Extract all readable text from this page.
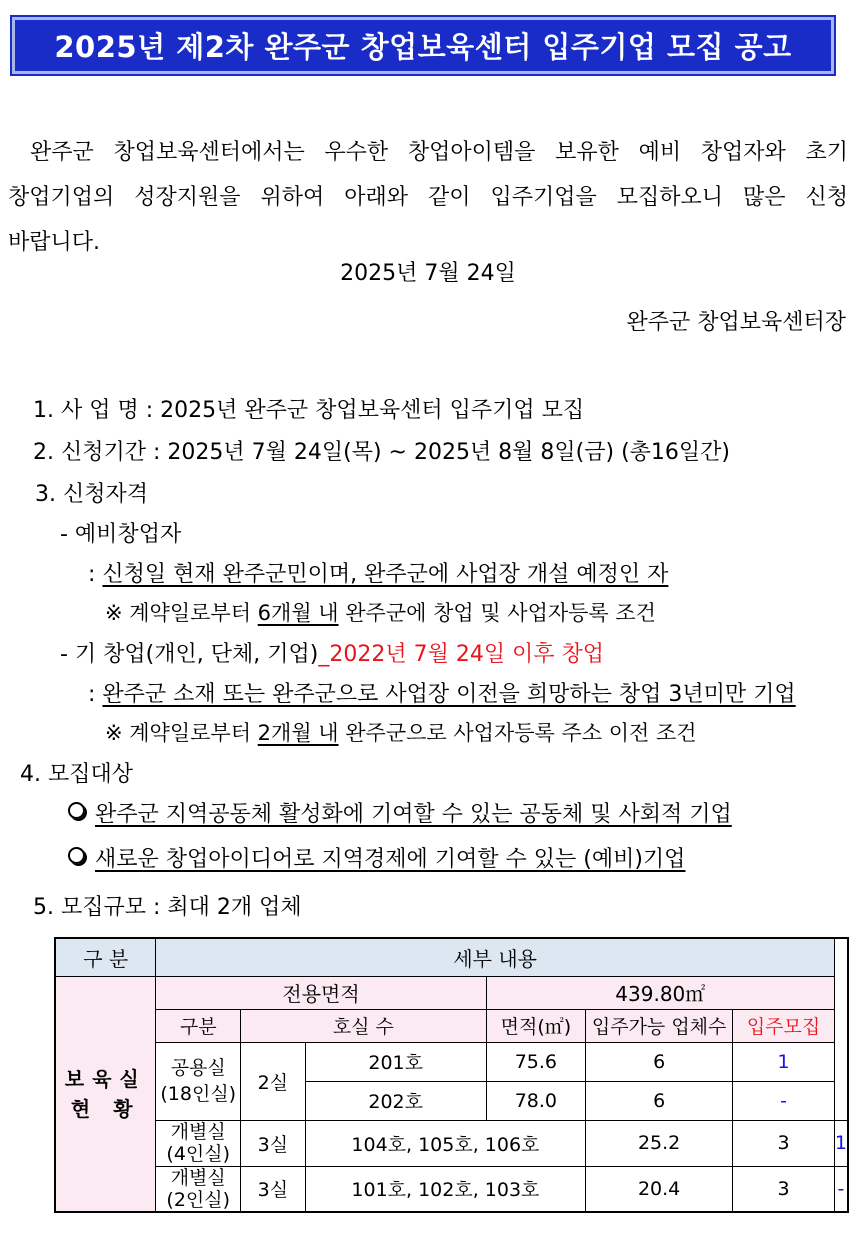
2025년 제2차 완주군 창업보육센터 입주기업 모집 공고
완주군 창업보육센터에서는 우수한 창업아이템을 보유한 예비 창업자와 초기
창업기업의 성장지원을 위하여 아래와 같이 입주기업을 모집하오니 많은 신청
바랍니다.
2025년 7월 24일
완주군 창업보육센터장
1. 사 업 명 : 2025년 완주군 창업보육센터 입주기업 모집
2. 신청기간 : 2025년 7월 24일(목) ~ 2025년 8월 8일(금) (총16일간)
3. 신청자격
- 예비창업자
: 신청일 현재 완주군민이며, 완주군에 사업장 개설 예정인 자
※ 계약일로부터 6개월 내 완주군에 창업 및 사업자등록 조건
- 기 창업(개인, 단체, 기업)_2022년 7월 24일 이후 창업
: 완주군 소재 또는 완주군으로 사업장 이전을 희망하는 창업 3년미만 기업
※ 계약일로부터 2개월 내 완주군으로 사업자등록 주소 이전 조건
4. 모집대상
완주군 지역공동체 활성화에 기여할 수 있는 공동체 및 사회적 기업
새로운 창업아이디어로 지역경제에 기여할 수 있는 (예비)기업
5. 모집규모 : 최대 2개 업체
구 분	세부 내용						

보육실
현 황	전용면적			439.80㎡			
	구분	호실 수		면적(㎡)	입주가능 업체수	입주모집	
	공용실
(18인실)	2실	201호	75.6	6	1	
			202호	78.0	6	-	
	개별실
(4인실)	3실	104호, 105호, 106호		25.2	3	1
	개별실
(2인실)	3실	101호, 102호, 103호		20.4	3	-
